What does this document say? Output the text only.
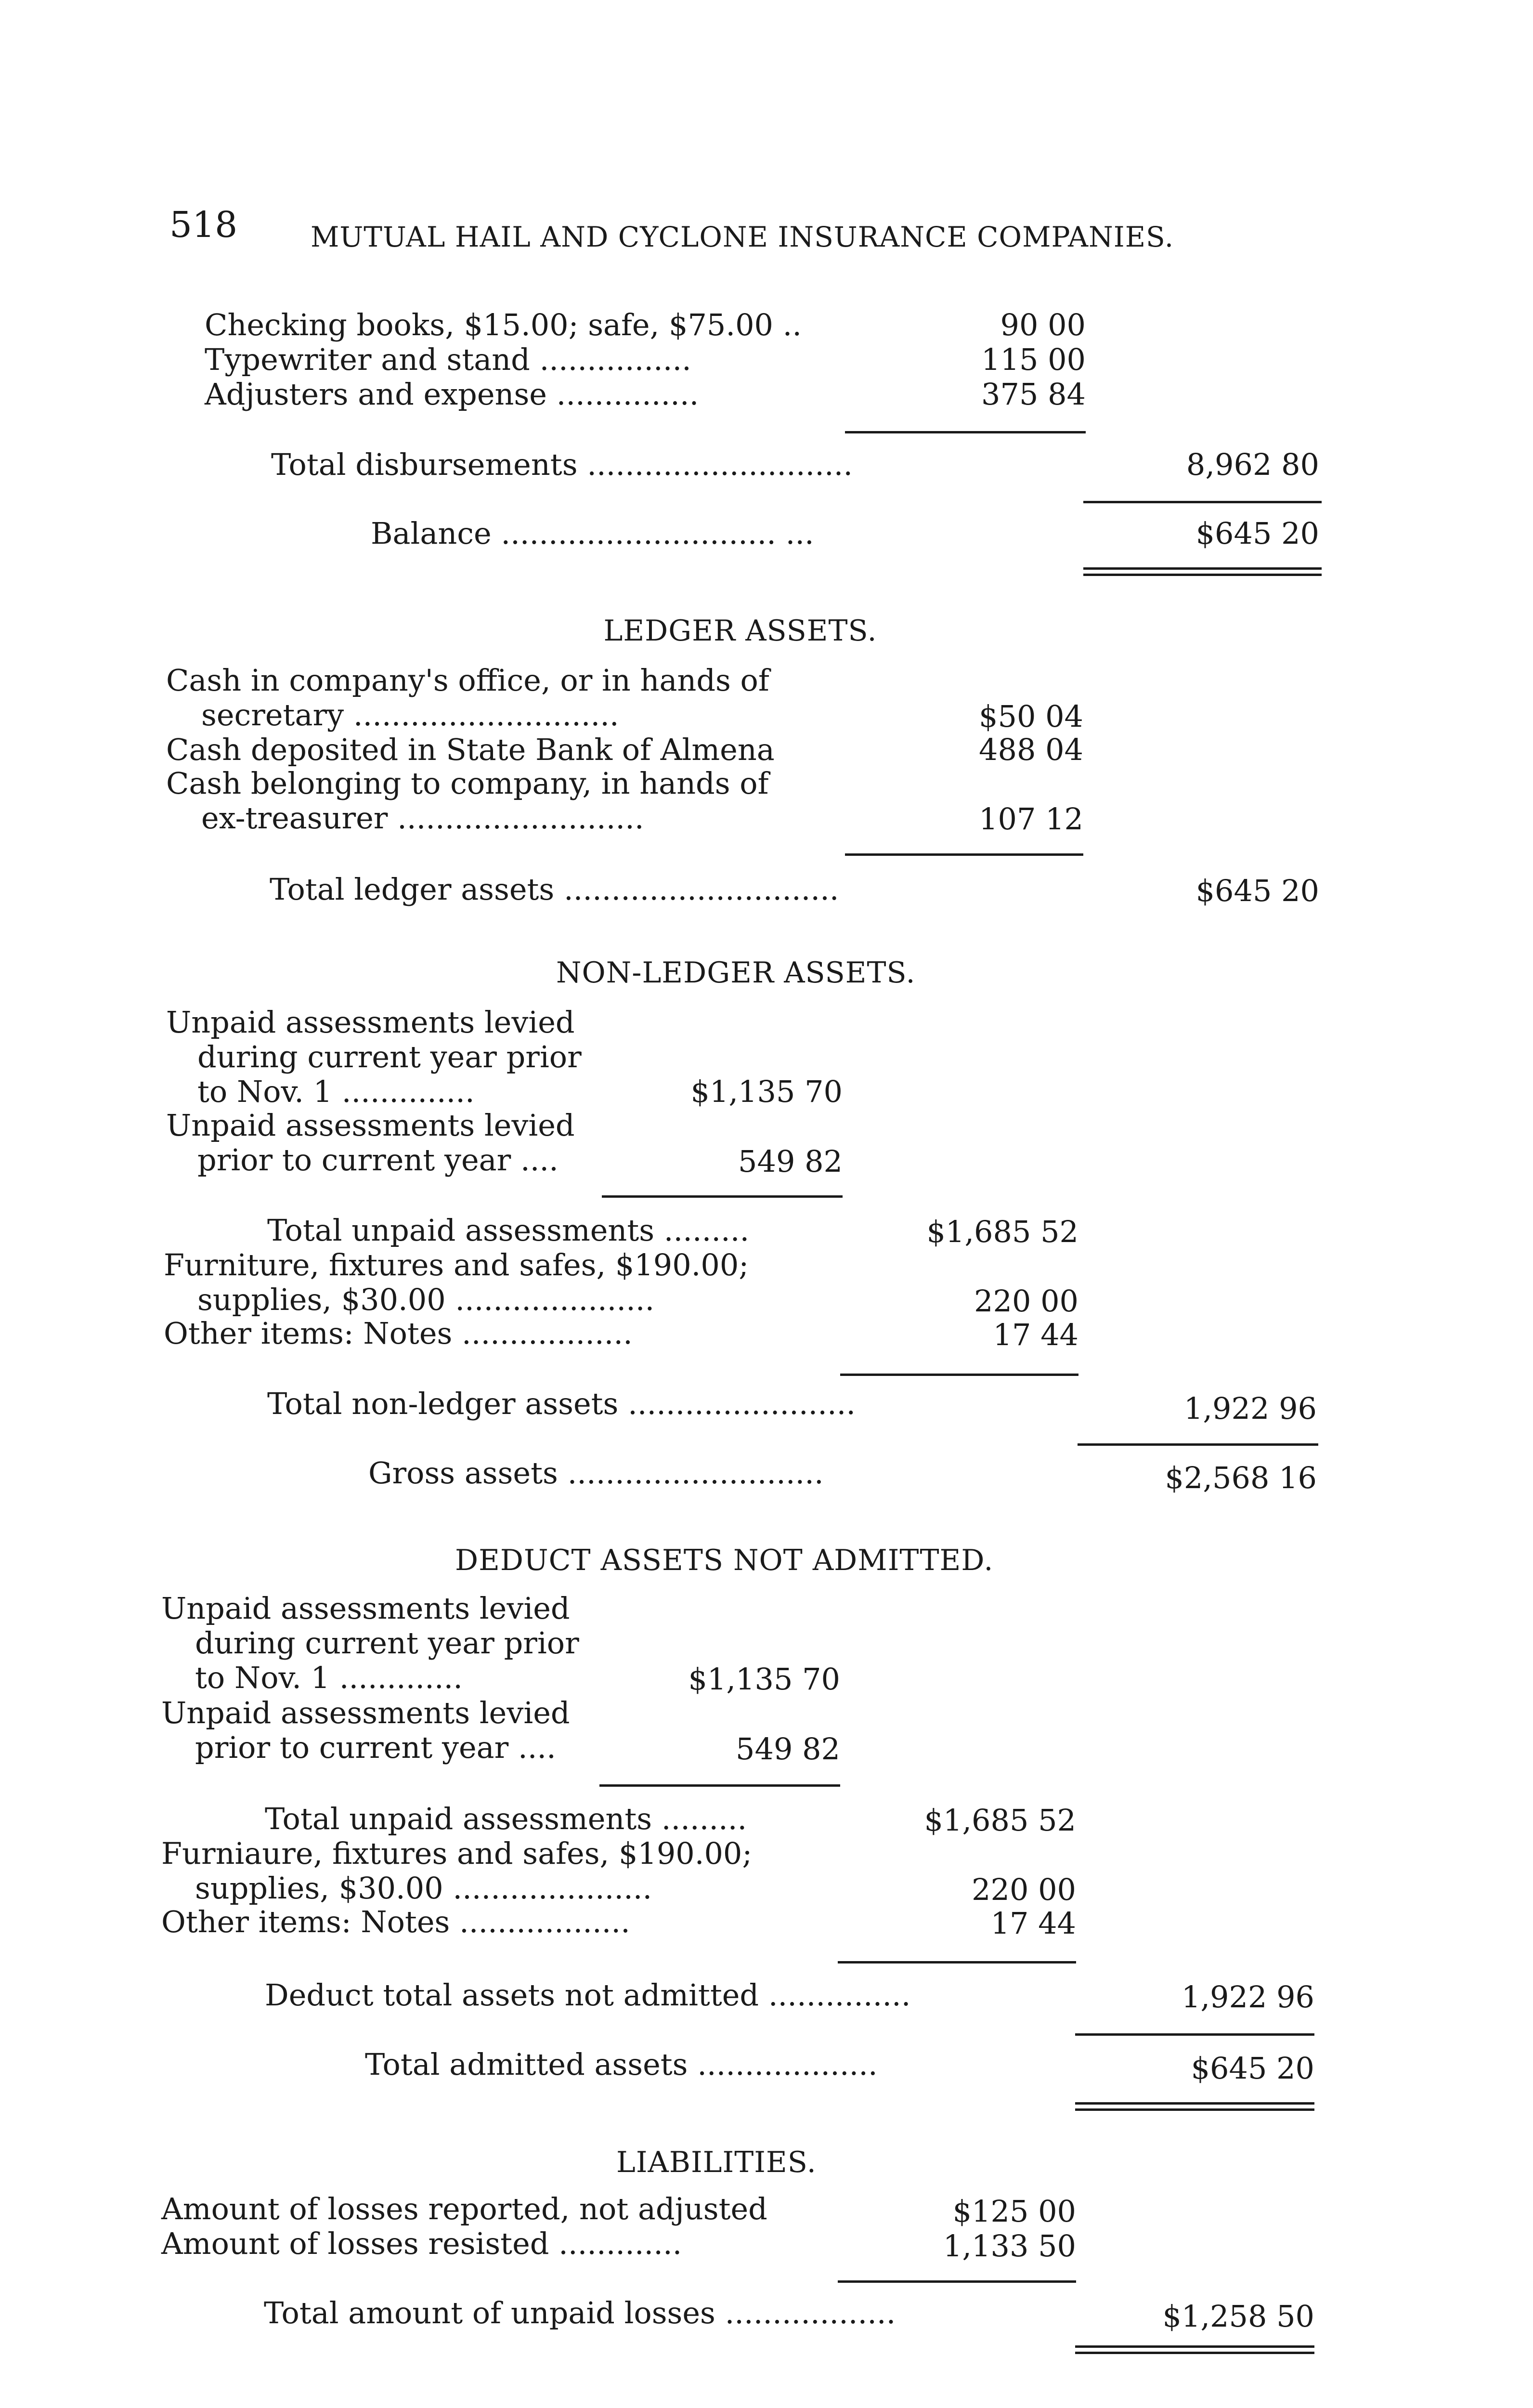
518	MUTUAL HAIL AND CYCLONE INSURANCE COMPANIES.
Checking books, $15.00; safe, $75.00 ..	90 00
Typewriter and stand ................	115 00
Adjusters and expense ...............	375 84
Total disbursements ............................	8,962 80
Balance ............................. ...	$645 20
LEDGER ASSETS.
Cash in company's office, or in hands of
secretary ............................	$50 04
Cash deposited in State Bank of Almena	488 04
Cash belonging to company, in hands of
ex-treasurer ..........................	107 12
Total ledger assets .............................	$645 20
NON-LEDGER ASSETS.
Unpaid assessments levied
during current year prior
to Nov. 1 ..............	$1,135 70
Unpaid assessments levied
prior to current year ....	549 82
Total unpaid assessments .........	$1,685 52
Furniture, fixtures and safes, $190.00;
supplies, $30.00 .....................	220 00
Other items: Notes ..................	17 44
Total non-ledger assets ........................	1,922 96
Gross assets ...........................	$2,568 16
DEDUCT ASSETS NOT ADMITTED.
Unpaid assessments levied
during current year prior
to Nov. 1 .............	$1,135 70
Unpaid assessments levied
prior to current year ....	549 82
Total unpaid assessments .........	$1,685 52
Furniaure, fixtures and safes, $190.00;
supplies, $30.00 .....................	220 00
Other items: Notes ..................	17 44
Deduct total assets not admitted ...............	1,922 96
Total admitted assets ...................	$645 20
LIABILITIES.
Amount of losses reported, not adjusted	$125 00
Amount of losses resisted .............	1,133 50
Total amount of unpaid losses ..................	$1,258 50
